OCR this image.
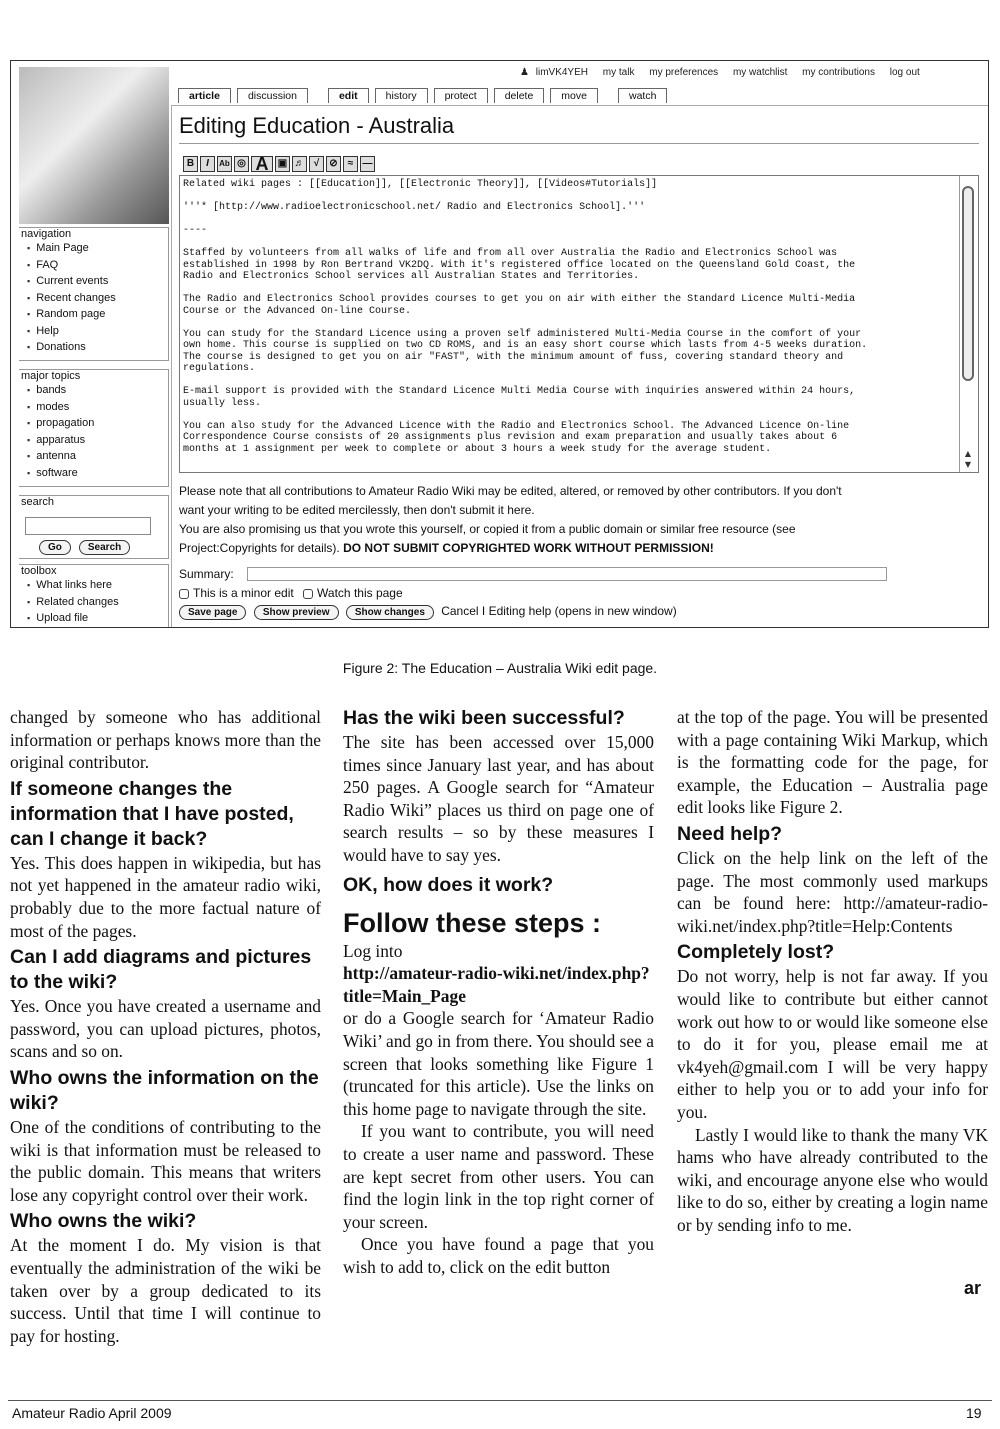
navigation
▪ Main Page
▪ FAQ
▪ Current events
▪ Recent changes
▪ Random page
▪ Help
▪ Donations
major topics
▪ bands
▪ modes
▪ propagation
▪ apparatus
▪ antenna
▪ software
search
Go	Search
toolbox
▪ What links here
▪ Related changes
▪ Upload file
♟ limVK4YEH my talk my preferences my watchlist my contributions log out
article	discussion	edit	history	protect	delete	move	watch
Editing Education - Australia
B	I	Ab ◎ A ▣ ♬ √	⊘	≈ —
Related wiki pages : [[Education]], [[Electronic Theory]], [[Videos#Tutorials]]

'''* [http://www.radioelectronicschool.net/ Radio and Electronics School].'''

----

Staffed by volunteers from all walks of life and from all over Australia the Radio and Electronics School was
established in 1998 by Ron Bertrand VK2DQ. With it's registered office located on the Queensland Gold Coast, the
Radio and Electronics School services all Australian States and Territories.

The Radio and Electronics School provides courses to get you on air with either the Standard Licence Multi-Media
Course or the Advanced On-line Course.

You can study for the Standard Licence using a proven self administered Multi-Media Course in the comfort of your
own home. This course is supplied on two CD ROMS, and is an easy short course which lasts from 4-5 weeks duration.
The course is designed to get you on air "FAST", with the minimum amount of fuss, covering standard theory and
regulations.

E-mail support is provided with the Standard Licence Multi Media Course with inquiries answered within 24 hours,
usually less.

You can also study for the Advanced Licence with the Radio and Electronics School. The Advanced Licence On-line
Correspondence Course consists of 20 assignments plus revision and exam preparation and usually takes about 6
months at 1 assignment per week to complete or about 3 hours a week study for the average student.	▲
▼
Please note that all contributions to Amateur Radio Wiki may be edited, altered, or removed by other contributors. If you don't
want your writing to be edited mercilessly, then don't submit it here.
You are also promising us that you wrote this yourself, or copied it from a public domain or similar free resource (see
Project:Copyrights for details). DO NOT SUBMIT COPYRIGHTED WORK WITHOUT PERMISSION!
Summary:
This is a minor edit Watch this page
Save page	Show preview	Show changes Cancel I Editing help (opens in new window)
Figure 2: The Education – Australia Wiki edit page.

changed by someone who has additional information or perhaps knows more than the original contributor.

If someone changes the information that I have posted, can I change it back?

Yes. This does happen in wikipedia, but has not yet happened in the amateur radio wiki, probably due to the more factual nature of most of the pages.

Can I add diagrams and pictures to the wiki?

Yes. Once you have created a username and password, you can upload pictures, photos, scans and so on.

Who owns the information on the wiki?

One of the conditions of contributing to the wiki is that information must be released to the public domain. This means that writers lose any copyright control over their work.

Who owns the wiki?

At the moment I do. My vision is that eventually the administration of the wiki be taken over by a group dedicated to its success. Until that time I will continue to pay for hosting.

Has the wiki been successful?

The site has been accessed over 15,000 times since January last year, and has about 250 pages. A Google search for “Amateur Radio Wiki” places us third on page one of search results – so by these measures I would have to say yes.

OK, how does it work?
Follow these steps :

Log into

http://amateur-radio-wiki.net/index.php?title=Main_Page

or do a Google search for ‘Amateur Radio Wiki’ and go in from there. You should see a screen that looks something like Figure 1 (truncated for this article). Use the links on this home page to navigate through the site.

If you want to contribute, you will need to create a user name and password. These are kept secret from other users. You can find the login link in the top right corner of your screen.

Once you have found a page that you wish to add to, click on the edit button

at the top of the page. You will be presented with a page containing Wiki Markup, which is the formatting code for the page, for example, the Education – Australia page edit looks like Figure 2.

Need help?

Click on the help link on the left of the page. The most commonly used markups can be found here: http://amateur-radio-wiki.net/index.php?title=Help:Contents

Completely lost?

Do not worry, help is not far away. If you would like to contribute but either cannot work out how to or would like someone else to do it for you, please email me at vk4yeh@gmail.com I will be very happy either to help you or to add your info for you.

Lastly I would like to thank the many VK hams who have already contributed to the wiki, and encourage anyone else who would like to do so, either by creating a login name or by sending info to me.

ar
Amateur Radio April 2009	19
